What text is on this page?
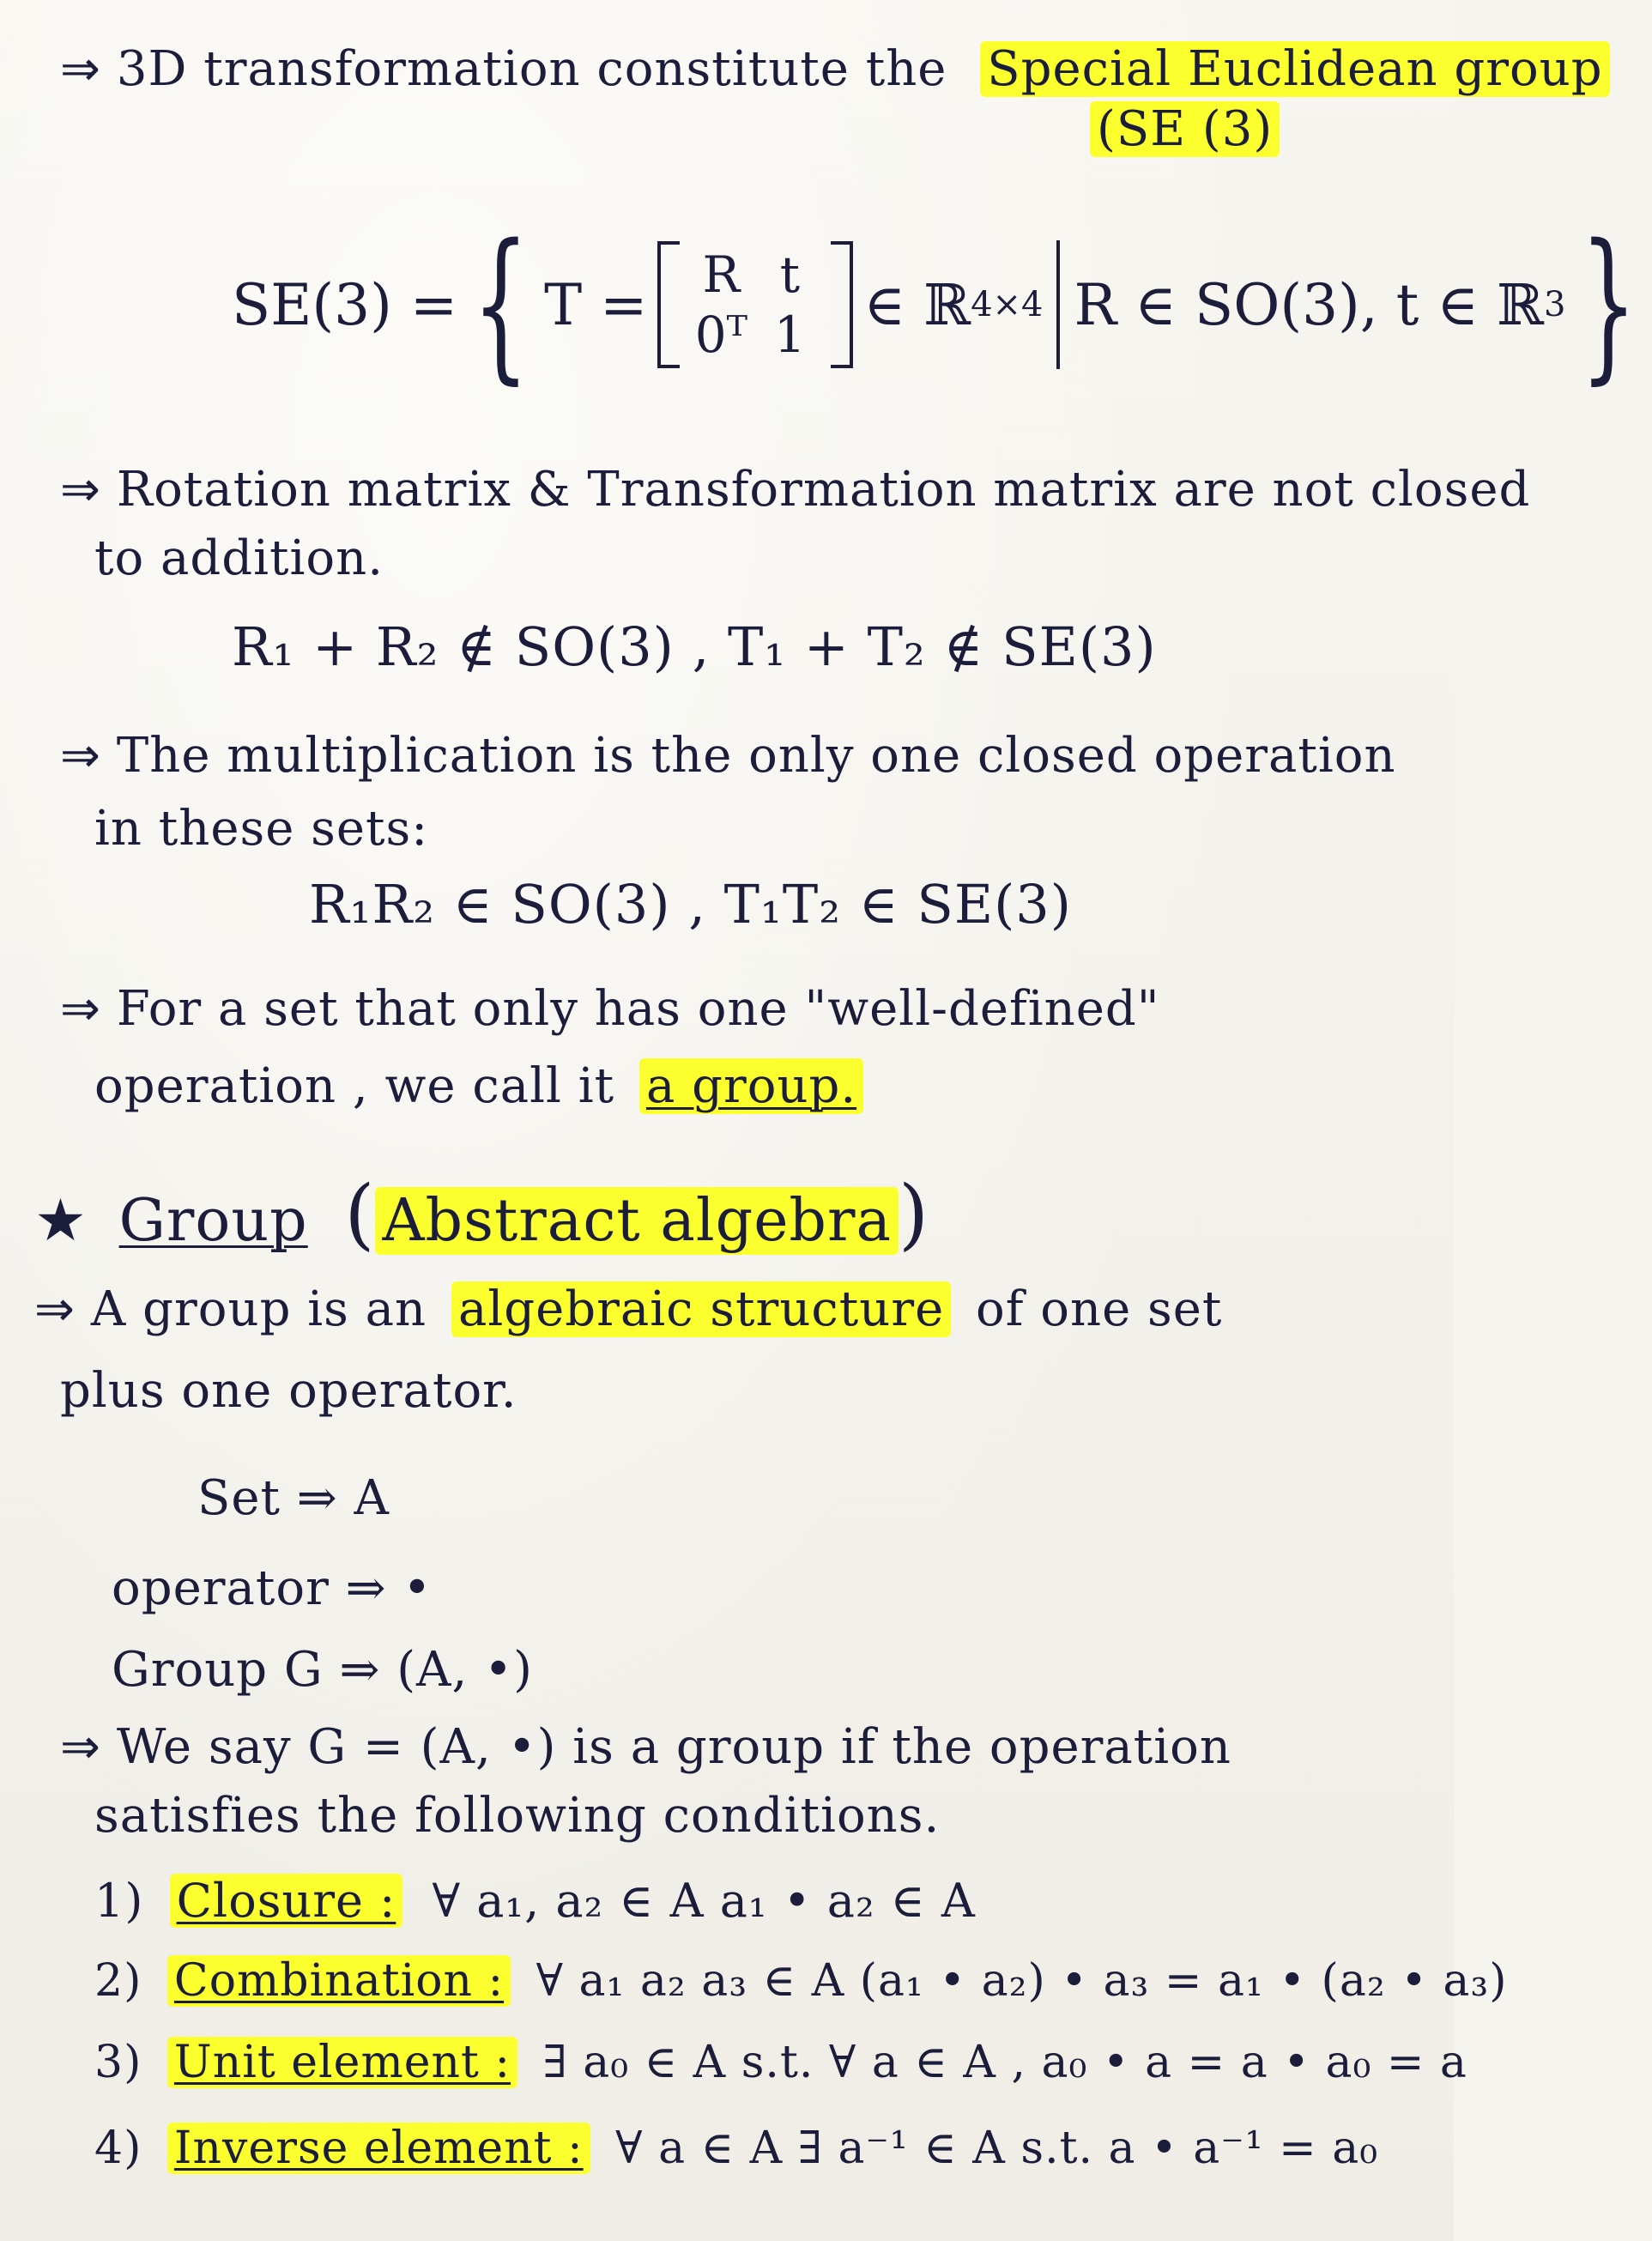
⇒ 3D transformation constitute the Special Euclidean group
(SE (3)
SE(3) = { T = R t
0ᵀ 1 ∈ ℝ 4×4 R ∈ SO(3), t ∈ ℝ 3 }
⇒ Rotation matrix & Transformation matrix are not closed
to addition.
R₁ + R₂ ∉ SO(3) , T₁ + T₂ ∉ SE(3)
⇒ The multiplication is the only one closed operation
in these sets:
R₁R₂ ∈ SO(3) , T₁T₂ ∈ SE(3)
⇒ For a set that only has one "well-defined"
operation , we call it a group.
★ Group ( Abstract algebra)
⇒ A group is an algebraic structure of one set
plus one operator.
Set ⇒ A
operator ⇒ •
Group G ⇒ (A, •)
⇒ We say G = (A, •) is a group if the operation
satisfies the following conditions.
1) Closure : ∀ a₁, a₂ ∈ A a₁ • a₂ ∈ A
2) Combination : ∀ a₁ a₂ a₃ ∈ A (a₁ • a₂) • a₃ = a₁ • (a₂ • a₃)
3) Unit element : ∃ a₀ ∈ A s.t. ∀ a ∈ A , a₀ • a = a • a₀ = a
4) Inverse element : ∀ a ∈ A ∃ a⁻¹ ∈ A s.t. a • a⁻¹ = a₀
